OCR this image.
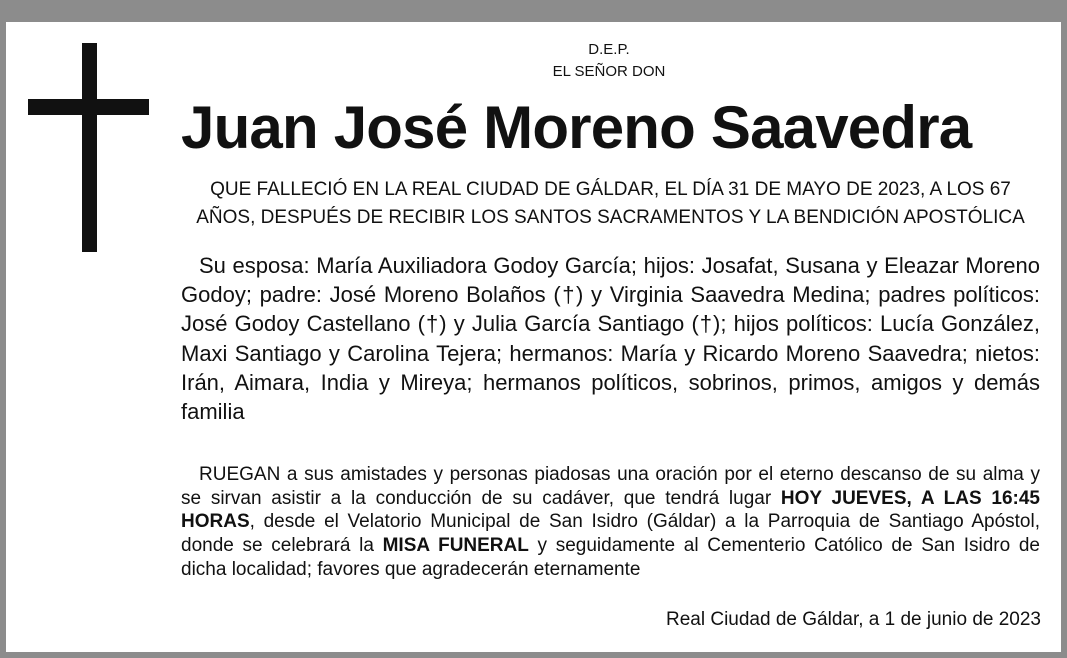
D.E.P.
EL SEÑOR DON
Juan José Moreno Saavedra
QUE FALLECIÓ EN LA REAL CIUDAD DE GÁLDAR, EL DÍA 31 DE MAYO DE 2023, A LOS 67
AÑOS, DESPUÉS DE RECIBIR LOS SANTOS SACRAMENTOS Y LA BENDICIÓN APOSTÓLICA
Su esposa: María Auxiliadora Godoy García; hijos: Josafat, Susana y Eleazar Moreno Godoy; padre: José Moreno Bolaños (†) y Virginia Saavedra Medina; padres políticos: José Godoy Castellano (†) y Julia García Santiago (†); hijos políticos: Lucía González, Maxi Santiago y Carolina Tejera; hermanos: María y Ricardo Moreno Saavedra; nietos: Irán, Aimara, India y Mireya; hermanos políticos, sobrinos, primos, amigos y demás familia
RUEGAN a sus amistades y personas piadosas una oración por el eterno descanso de su alma y se sirvan asistir a la conducción de su cadáver, que tendrá lugar HOY JUEVES, A LAS 16:45 HORAS, desde el Velatorio Municipal de San Isidro (Gáldar) a la Parroquia de Santiago Apóstol, donde se celebrará la MISA FUNERAL y seguidamente al Cementerio Católico de San Isidro de dicha localidad; favores que agradecerán eternamente
Real Ciudad de Gáldar, a 1 de junio de 2023
